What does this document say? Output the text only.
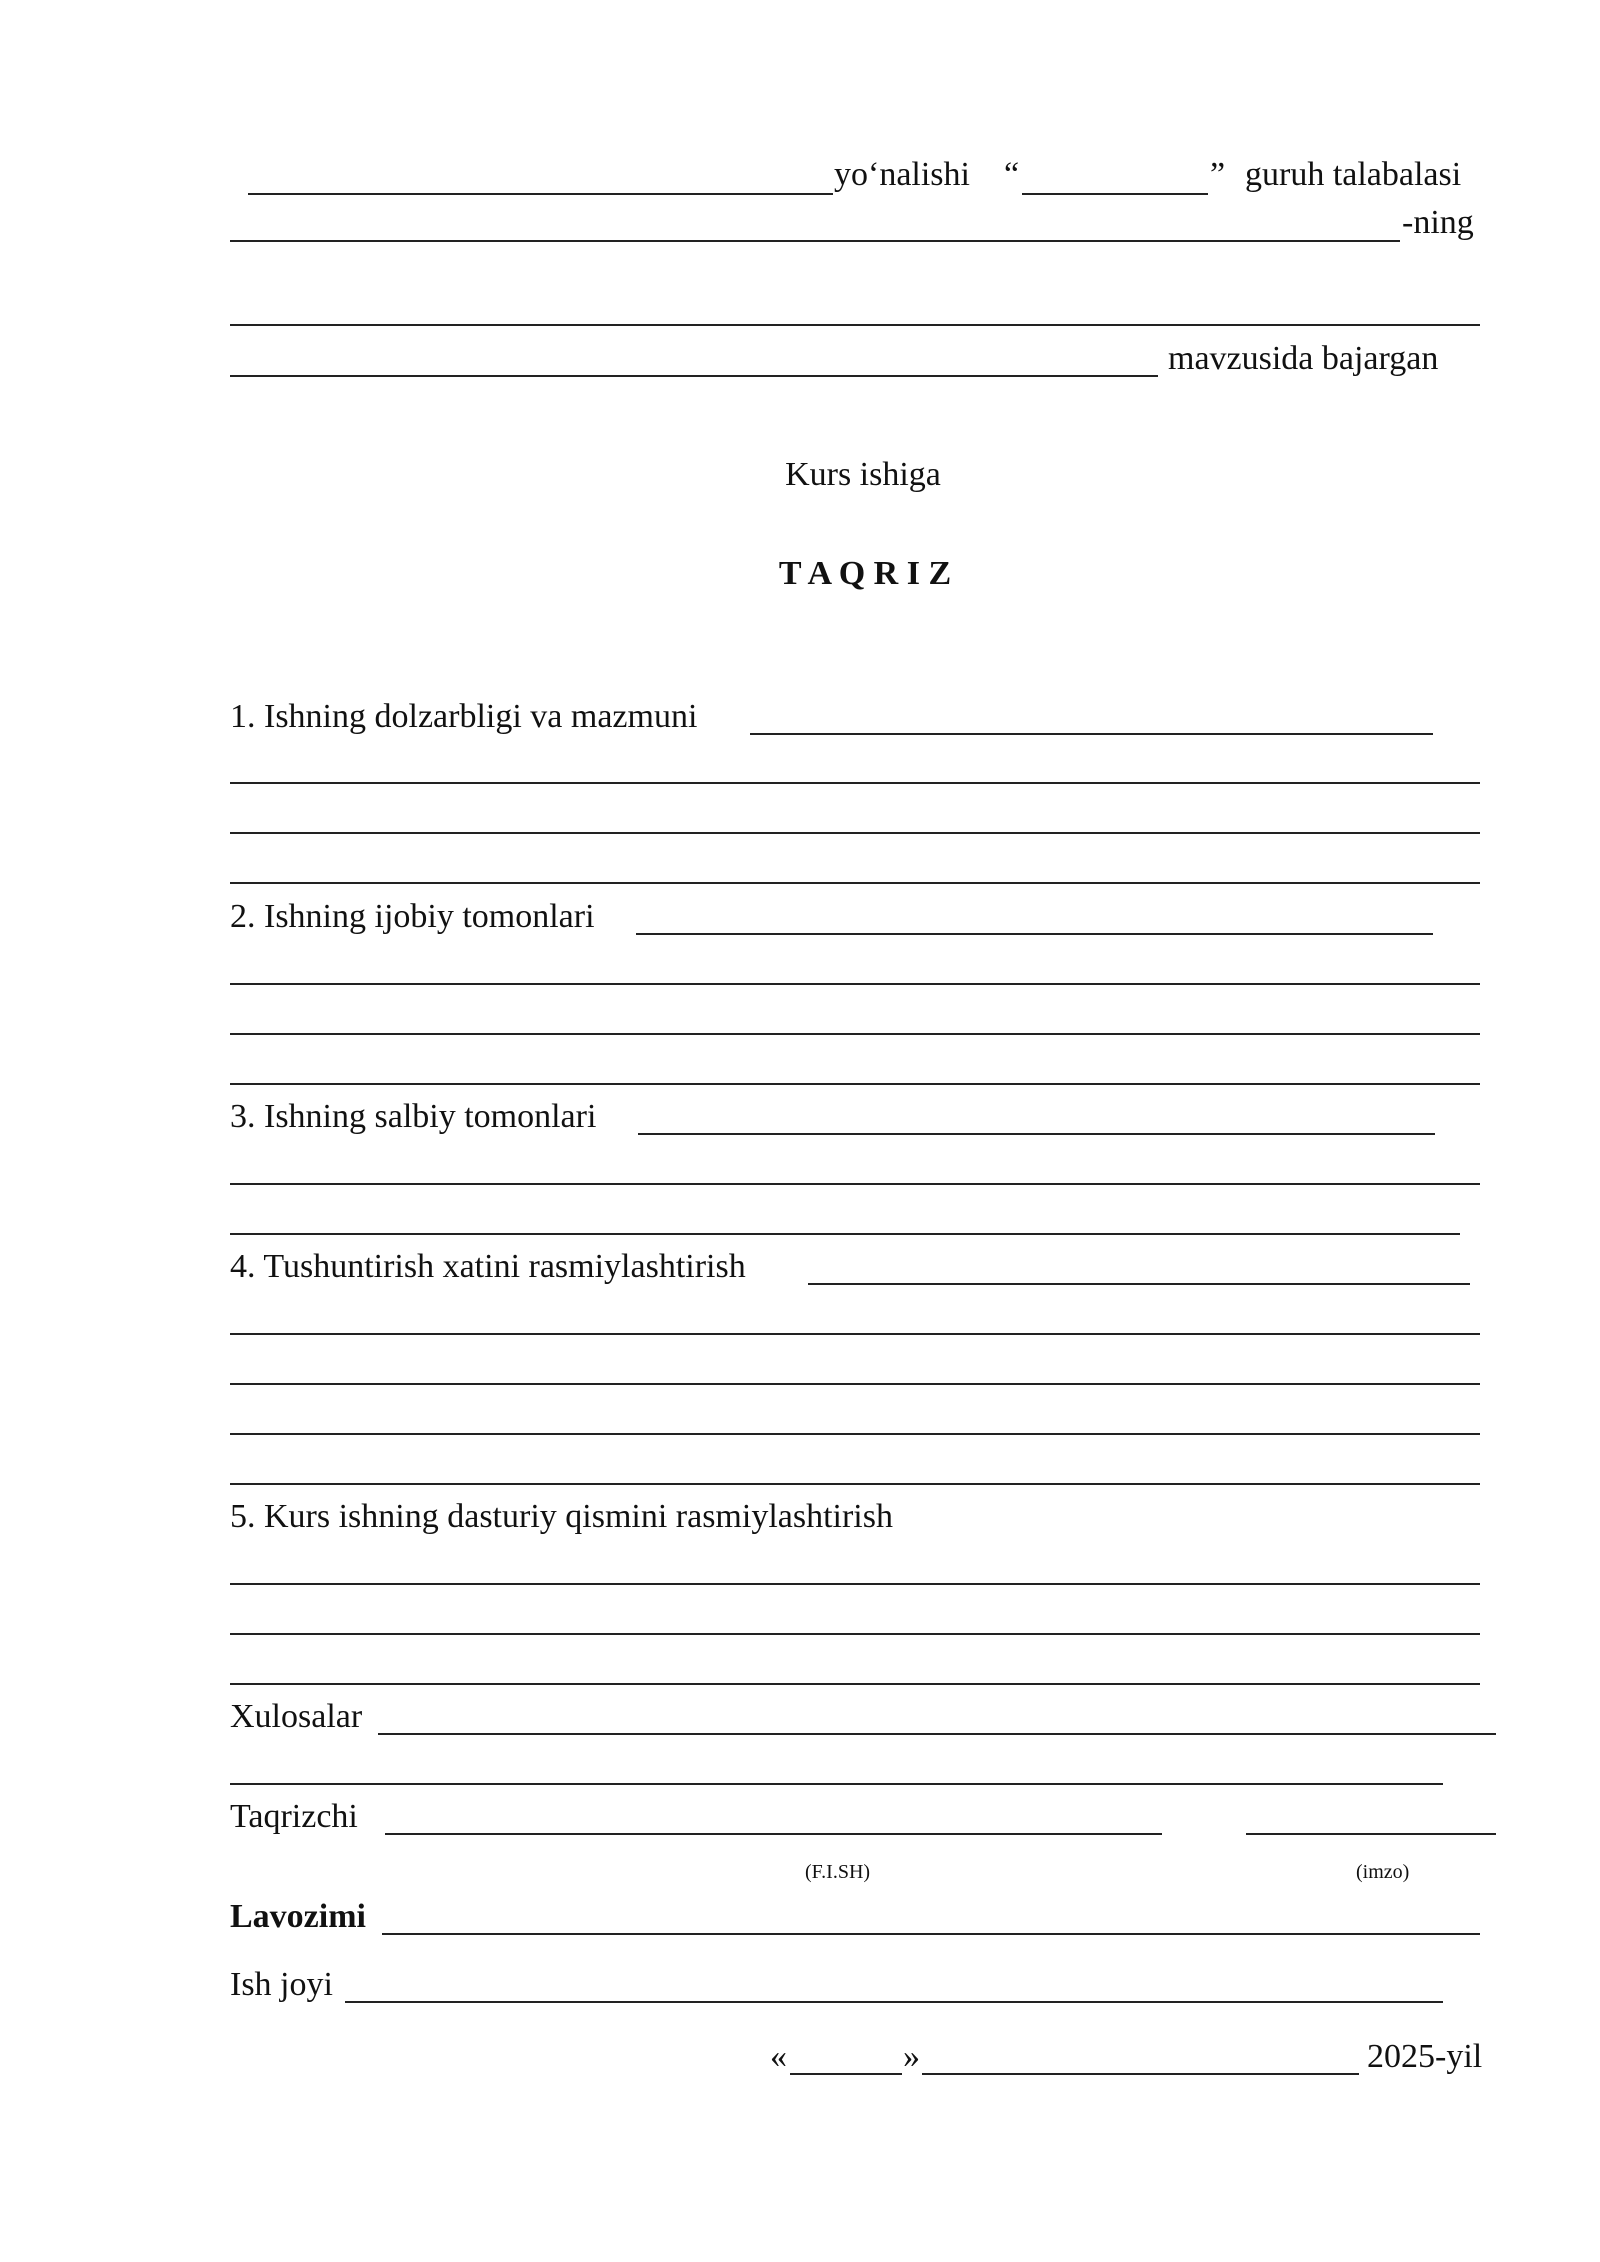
yo‘nalishi “	” guruh talabalasi
-ning
mavzusida bajargan
Kurs ishiga
T A Q R I Z
1. Ishning dolzarbligi va mazmuni
2. Ishning ijobiy tomonlari
3. Ishning salbiy tomonlari
4. Tushuntirish xatini rasmiylashtirish
5. Kurs ishning dasturiy qismini rasmiylashtirish
Xulosalar
Taqrizchi
(F.I.SH)	(imzo)
Lavozimi
Ish joyi
«	»	2025-yil
